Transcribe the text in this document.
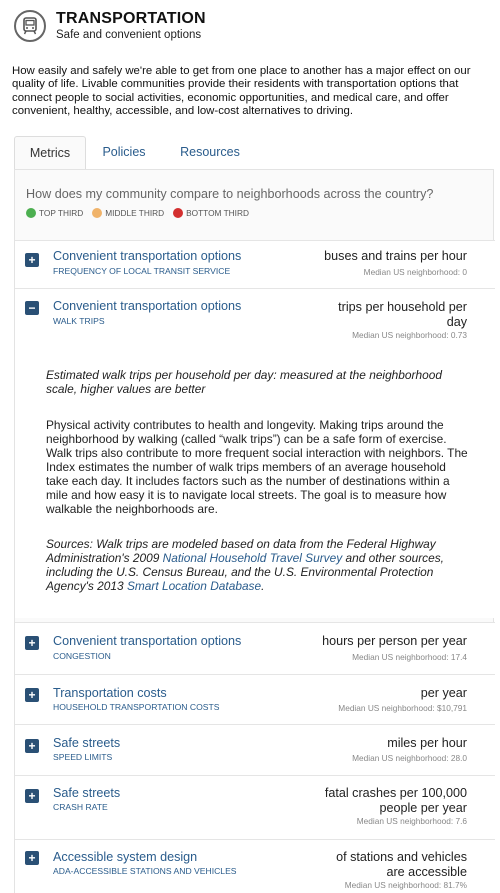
TRANSPORTATION
Safe and convenient options

How easily and safely we're able to get from one place to another has a major effect on our quality of life. Livable communities provide their residents with transportation options that connect people to social activities, economic opportunities, and medical care, and offer convenient, healthy, accessible, and low-cost alternatives to driving.

Metrics	Policies	Resources
How does my community compare to neighborhoods across the country?
TOP THIRD	MIDDLE THIRD	BOTTOM THIRD
+ Convenient transportation options
FREQUENCY OF LOCAL TRANSIT SERVICE
buses and trains per hour
Median US neighborhood: 0
− Convenient transportation options
WALK TRIPS
trips per household per day
Median US neighborhood: 0.73

Estimated walk trips per household per day: measured at the neighborhood scale, higher values are better

Physical activity contributes to health and longevity. Making trips around the neighborhood by walking (called “walk trips”) can be a safe form of exercise. Walk trips also contribute to more frequent social interaction with neighbors. The Index estimates the number of walk trips members of an average household take each day. It includes factors such as the number of destinations within a mile and how easy it is to navigate local streets. The goal is to measure how walkable the neighborhoods are.

Sources: Walk trips are modeled based on data from the Federal Highway Administration's 2009 National Household Travel Survey and other sources, including the U.S. Census Bureau, and the U.S. Environmental Protection Agency's 2013 Smart Location Database.

+ Convenient transportation options
CONGESTION
hours per person per year
Median US neighborhood: 17.4
+ Transportation costs
HOUSEHOLD TRANSPORTATION COSTS
per year
Median US neighborhood: $10,791
+ Safe streets
SPEED LIMITS
miles per hour
Median US neighborhood: 28.0
+ Safe streets
CRASH RATE
fatal crashes per 100,000 people per year
Median US neighborhood: 7.6
+ Accessible system design
ADA-ACCESSIBLE STATIONS AND VEHICLES
of stations and vehicles are accessible
Median US neighborhood: 81.7%
